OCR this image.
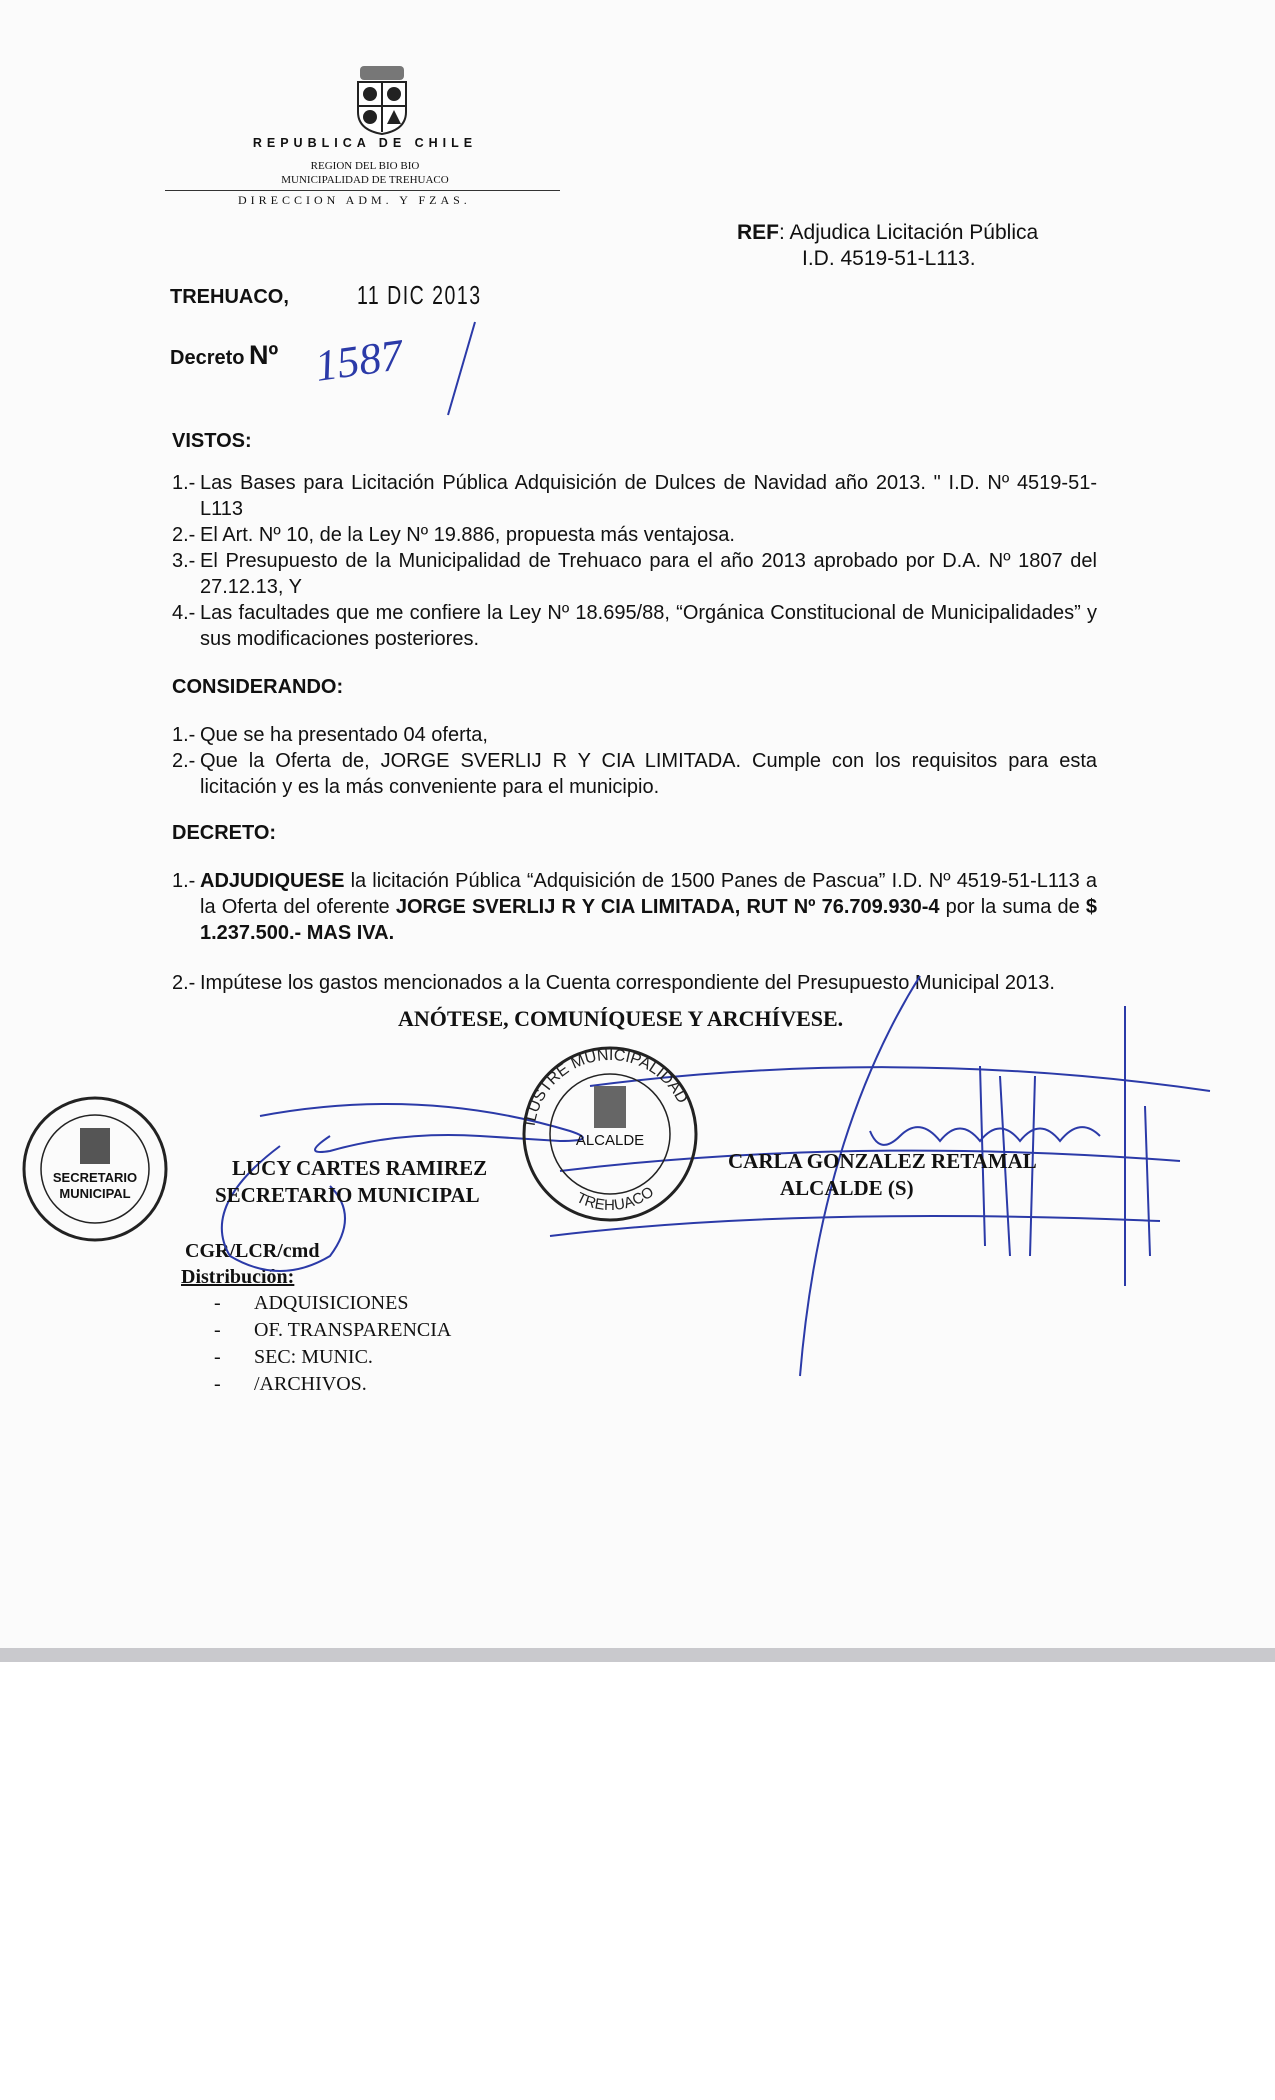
REPUBLICA DE CHILE
REGION DEL BIO BIO
MUNICIPALIDAD DE TREHUACO
DIRECCION ADM. Y FZAS.
REF: Adjudica Licitación Pública
I.D. 4519-51-L113.
TREHUACO,	11 DIC 2013
Decreto Nº 1587
VISTOS:
1.- Las Bases para Licitación Pública Adquisición de Dulces de Navidad año 2013. " I.D. Nº 4519-51-L113
2.- El Art. Nº 10, de la Ley Nº 19.886, propuesta más ventajosa.
3.- El Presupuesto de la Municipalidad de Trehuaco para el año 2013 aprobado por D.A. Nº 1807 del 27.12.13, Y
4.- Las facultades que me confiere la Ley Nº 18.695/88, “Orgánica Constitucional de Municipalidades” y sus modificaciones posteriores.
CONSIDERANDO:
1.- Que se ha presentado 04 oferta,
2.- Que la Oferta de, JORGE SVERLIJ R Y CIA LIMITADA. Cumple con los requisitos para esta licitación y es la más conveniente para el municipio.
DECRETO:
1.- ADJUDIQUESE la licitación Pública “Adquisición de 1500 Panes de Pascua” I.D. Nº 4519-51-L113 a la Oferta del oferente JORGE SVERLIJ R Y CIA LIMITADA, RUT Nº 76.709.930-4 por la suma de $ 1.237.500.- MAS IVA.
2.- Impútese los gastos mencionados a la Cuenta correspondiente del Presupuesto Municipal 2013.
ANÓTESE, COMUNÍQUESE Y ARCHÍVESE.
SECRETARIO
MUNICIPAL
ILUSTRE MUNICIPALIDAD
TREHUACO
ALCALDE
LUCY CARTES RAMIREZ
SECRETARIO MUNICIPAL
CARLA GONZALEZ RETAMAL
ALCALDE (S)
CGR/LCR/cmd
Distribución:
- ADQUISICIONES
- OF. TRANSPARENCIA
- SEC: MUNIC.
- /ARCHIVOS.
